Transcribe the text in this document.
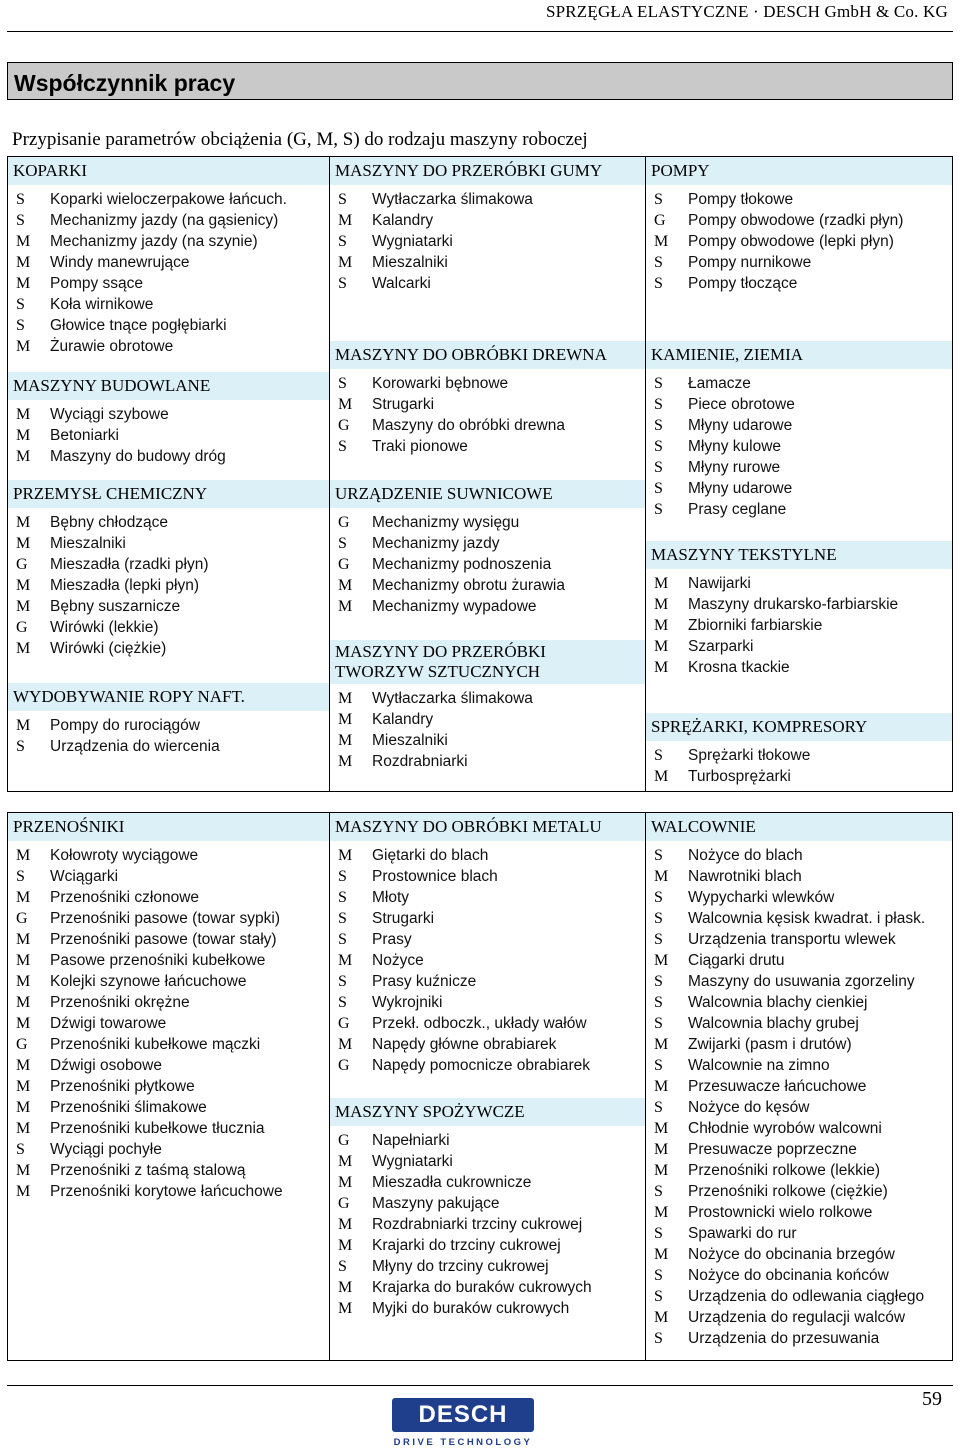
SPRZĘGŁA ELASTYCZNE · DESCH GmbH & Co. KG
Współczynnik pracy
Przypisanie parametrów obciążenia (G, M, S) do rodzaju maszyny roboczej
KOPARKI
S	Koparki wieloczerpakowe łańcuch.
S	Mechanizmy jazdy (na gąsienicy)
M	Mechanizmy jazdy (na szynie)
M	Windy manewrujące
M	Pompy ssące
S	Koła wirnikowe
S	Głowice tnące pogłębiarki
M	Żurawie obrotowe
MASZYNY BUDOWLANE
M	Wyciągi szybowe
M	Betoniarki
M	Maszyny do budowy dróg
PRZEMYSŁ CHEMICZNY
M	Bębny chłodzące
M	Mieszalniki
G	Mieszadła (rzadki płyn)
M	Mieszadła (lepki płyn)
M	Bębny suszarnicze
G	Wirówki (lekkie)
M	Wirówki (ciężkie)
WYDOBYWANIE ROPY NAFT.
M	Pompy do rurociągów
S	Urządzenia do wiercenia
MASZYNY DO PRZERÓBKI GUMY
S	Wytłaczarka ślimakowa
M	Kalandry
S	Wygniatarki
M	Mieszalniki
S	Walcarki
MASZYNY DO OBRÓBKI DREWNA
S	Korowarki bębnowe
M	Strugarki
G	Maszyny do obróbki drewna
S	Traki pionowe
URZĄDZENIE SUWNICOWE
G	Mechanizmy wysięgu
S	Mechanizmy jazdy
G	Mechanizmy podnoszenia
M	Mechanizmy obrotu żurawia
M	Mechanizmy wypadowe
MASZYNY DO PRZERÓBKI
TWORZYW SZTUCZNYCH
M	Wytłaczarka ślimakowa
M	Kalandry
M	Mieszalniki
M	Rozdrabniarki
POMPY
S	Pompy tłokowe
G	Pompy obwodowe (rzadki płyn)
M	Pompy obwodowe (lepki płyn)
S	Pompy nurnikowe
S	Pompy tłoczące
KAMIENIE, ZIEMIA
S	Łamacze
S	Piece obrotowe
S	Młyny udarowe
S	Młyny kulowe
S	Młyny rurowe
S	Młyny udarowe
S	Prasy ceglane
MASZYNY TEKSTYLNE
M	Nawijarki
M	Maszyny drukarsko-farbiarskie
M	Zbiorniki farbiarskie
M	Szarparki
M	Krosna tkackie
SPRĘŻARKI, KOMPRESORY
S	Sprężarki tłokowe
M	Turbosprężarki
PRZENOŚNIKI
M	Kołowroty wyciągowe
S	Wciągarki
M	Przenośniki członowe
G	Przenośniki pasowe (towar sypki)
M	Przenośniki pasowe (towar stały)
M	Pasowe przenośniki kubełkowe
M	Kolejki szynowe łańcuchowe
M	Przenośniki okrężne
M	Dźwigi towarowe
G	Przenośniki kubełkowe mączki
M	Dźwigi osobowe
M	Przenośniki płytkowe
M	Przenośniki ślimakowe
M	Przenośniki kubełkowe tłucznia
S	Wyciągi pochyłe
M	Przenośniki z taśmą stalową
M	Przenośniki korytowe łańcuchowe
MASZYNY DO OBRÓBKI METALU
M	Giętarki do blach
S	Prostownice blach
S	Młoty
S	Strugarki
S	Prasy
M	Nożyce
S	Prasy kuźnicze
S	Wykrojniki
G	Przekł. odboczk., układy wałów
M	Napędy główne obrabiarek
G	Napędy pomocnicze obrabiarek
MASZYNY SPOŻYWCZE
G	Napełniarki
M	Wygniatarki
M	Mieszadła cukrownicze
G	Maszyny pakujące
M	Rozdrabniarki trzciny cukrowej
M	Krajarki do trzciny cukrowej
S	Młyny do trzciny cukrowej
M	Krajarka do buraków cukrowych
M	Myjki do buraków cukrowych
WALCOWNIE
S	Nożyce do blach
M	Nawrotniki blach
S	Wypycharki wlewków
S	Walcownia kęsisk kwadrat. i płask.
S	Urządzenia transportu wlewek
M	Ciągarki drutu
S	Maszyny do usuwania zgorzeliny
S	Walcownia blachy cienkiej
S	Walcownia blachy grubej
M	Zwijarki (pasm i drutów)
S	Walcownie na zimno
M	Przesuwacze łańcuchowe
S	Nożyce do kęsów
M	Chłodnie wyrobów walcowni
M	Presuwacze poprzeczne
M	Przenośniki rolkowe (lekkie)
S	Przenośniki rolkowe (ciężkie)
M	Prostownicki wielo rolkowe
S	Spawarki do rur
M	Nożyce do obcinania brzegów
S	Nożyce do obcinania końców
S	Urządzenia do odlewania ciągłego
M	Urządzenia do regulacji walców
S	Urządzenia do przesuwania
59
DESCH
DRIVE TECHNOLOGY
